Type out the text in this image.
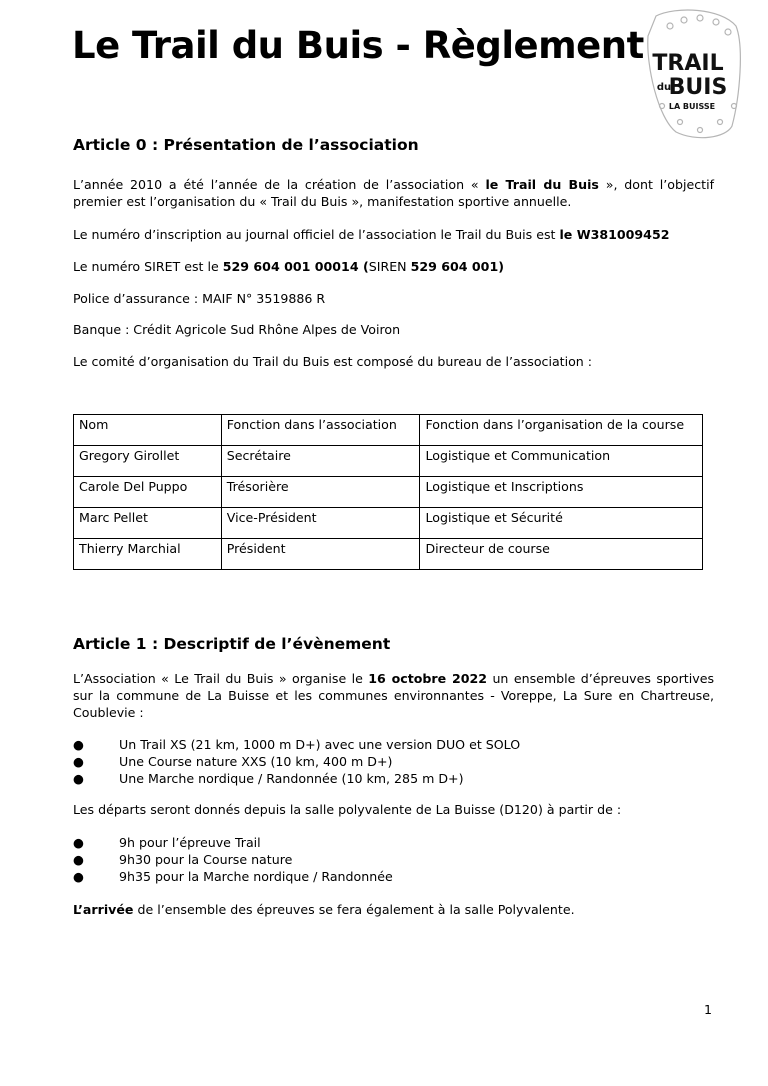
Le Trail du Buis - Règlement TRAIL
du
BUIS
LA BUISSE
Article 0 : Présentation de l’association
L’année 2010 a été l’année de la création de l’association « le Trail du Buis », dont l’objectif premier est l’organisation du « Trail du Buis », manifestation sportive annuelle.
Le numéro d’inscription au journal officiel de l’association le Trail du Buis est le W381009452
Le numéro SIRET est le 529 604 001 00014 (SIREN 529 604 001)
Police d’assurance : MAIF N° 3519886 R
Banque : Crédit Agricole Sud Rhône Alpes de Voiron
Le comité d’organisation du Trail du Buis est composé du bureau de l’association :
Nom	Fonction dans l’association	Fonction dans l’organisation de la course
Gregory Girollet	Secrétaire	Logistique et Communication
Carole Del Puppo	Trésorière	Logistique et Inscriptions
Marc Pellet	Vice-Président	Logistique et Sécurité
Thierry Marchial	Président	Directeur de course
Article 1 : Descriptif de l’évènement
L’Association « Le Trail du Buis » organise le 16 octobre 2022 un ensemble d’épreuves sportives sur la commune de La Buisse et les communes environnantes - Voreppe, La Sure en Chartreuse, Coublevie :
●	Un Trail XS (21 km, 1000 m D+) avec une version DUO et SOLO
●	Une Course nature XXS (10 km, 400 m D+)
●	Une Marche nordique / Randonnée (10 km, 285 m D+)
Les départs seront donnés depuis la salle polyvalente de La Buisse (D120) à partir de :
●	9h pour l’épreuve Trail
●	9h30 pour la Course nature
●	9h35 pour la Marche nordique / Randonnée
L’arrivée de l’ensemble des épreuves se fera également à la salle Polyvalente.
1
